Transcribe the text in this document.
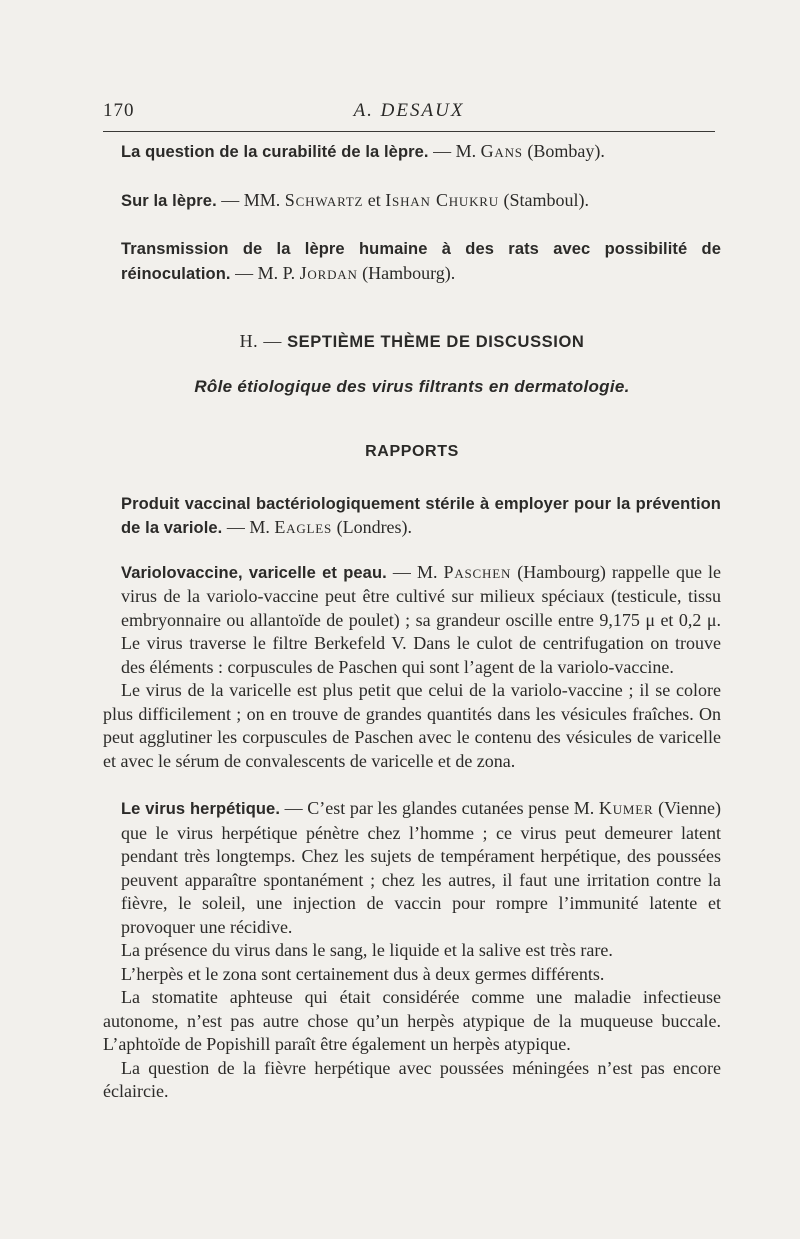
170	A. DESAUX

La question de la curabilité de la lèpre. — M. Gans (Bombay).

Sur la lèpre. — MM. Schwartz et Ishan Chukru (Stamboul).

Transmission de la lèpre humaine à des rats avec possibilité de réinoculation. — M. P. Jordan (Hambourg).

H. — SEPTIÈME THÈME DE DISCUSSION

Rôle étiologique des virus filtrants en dermatologie.

RAPPORTS

Produit vaccinal bactériologiquement stérile à employer pour la prévention de la variole. — M. Eagles (Londres).

Variolovaccine, varicelle et peau. — M. Paschen (Hambourg) rappelle que le virus de la variolo-vaccine peut être cultivé sur milieux spéciaux (testicule, tissu embryonnaire ou allantoïde de poulet) ; sa grandeur oscille entre 9,175 μ et 0,2 μ. Le virus traverse le filtre Berkefeld V. Dans le culot de centrifugation on trouve des éléments : corpuscules de Paschen qui sont l’agent de la variolo-vaccine.

Le virus de la varicelle est plus petit que celui de la variolo-vaccine ; il se colore plus difficilement ; on en trouve de grandes quantités dans les vésicules fraîches. On peut agglutiner les corpuscules de Paschen avec le contenu des vésicules de varicelle et avec le sérum de convalescents de varicelle et de zona.

Le virus herpétique. — C’est par les glandes cutanées pense M. Kumer (Vienne) que le virus herpétique pénètre chez l’homme ; ce virus peut demeurer latent pendant très longtemps. Chez les sujets de tempérament herpétique, des poussées peuvent apparaître spontanément ; chez les autres, il faut une irritation contre la fièvre, le soleil, une injection de vaccin pour rompre l’immunité latente et provoquer une récidive.

La présence du virus dans le sang, le liquide et la salive est très rare.

L’herpès et le zona sont certainement dus à deux germes différents.

La stomatite aphteuse qui était considérée comme une maladie infectieuse autonome, n’est pas autre chose qu’un herpès atypique de la muqueuse buccale. L’aphtoïde de Popishill paraît être également un herpès atypique.

La question de la fièvre herpétique avec poussées méningées n’est pas encore éclaircie.
